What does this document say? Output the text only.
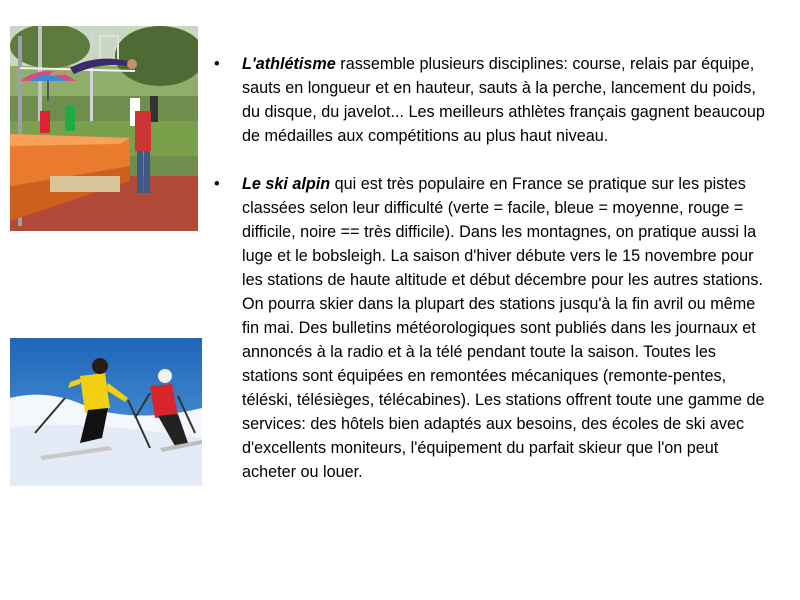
• L'athlétisme rassemble plusieurs disciplines: course, relais par équipe, sauts en longueur et en hauteur, sauts à la perche, lancement du poids, du disque, du javelot... Les meilleurs athlètes français gagnent beaucoup de médailles aux compétitions au plus haut niveau.
• Le ski alpin qui est très populaire en France se pratique sur les pistes classées selon leur difficulté (verte = facile, bleue = moyenne, rouge = difficile, noire == très difficile). Dans les montagnes, on pratique aussi la luge et le bobsleigh. La saison d'hiver débute vers le 15 novembre pour les stations de haute altitude et début décembre pour les autres stations. On pourra skier dans la plupart des stations jusqu'à la fin avril ou même fin mai. Des bulletins météorologiques sont publiés dans les journaux et annoncés à la radio et à la télé pendant toute la saison. Toutes les stations sont équipées en remontées mécaniques (remonte-pentes, téléski, télésièges, télécabines). Les stations offrent toute une gamme de services: des hôtels bien adaptés aux besoins, des écoles de ski avec d'excellents moniteurs, l'équipement du parfait skieur que l'on peut acheter ou louer.
